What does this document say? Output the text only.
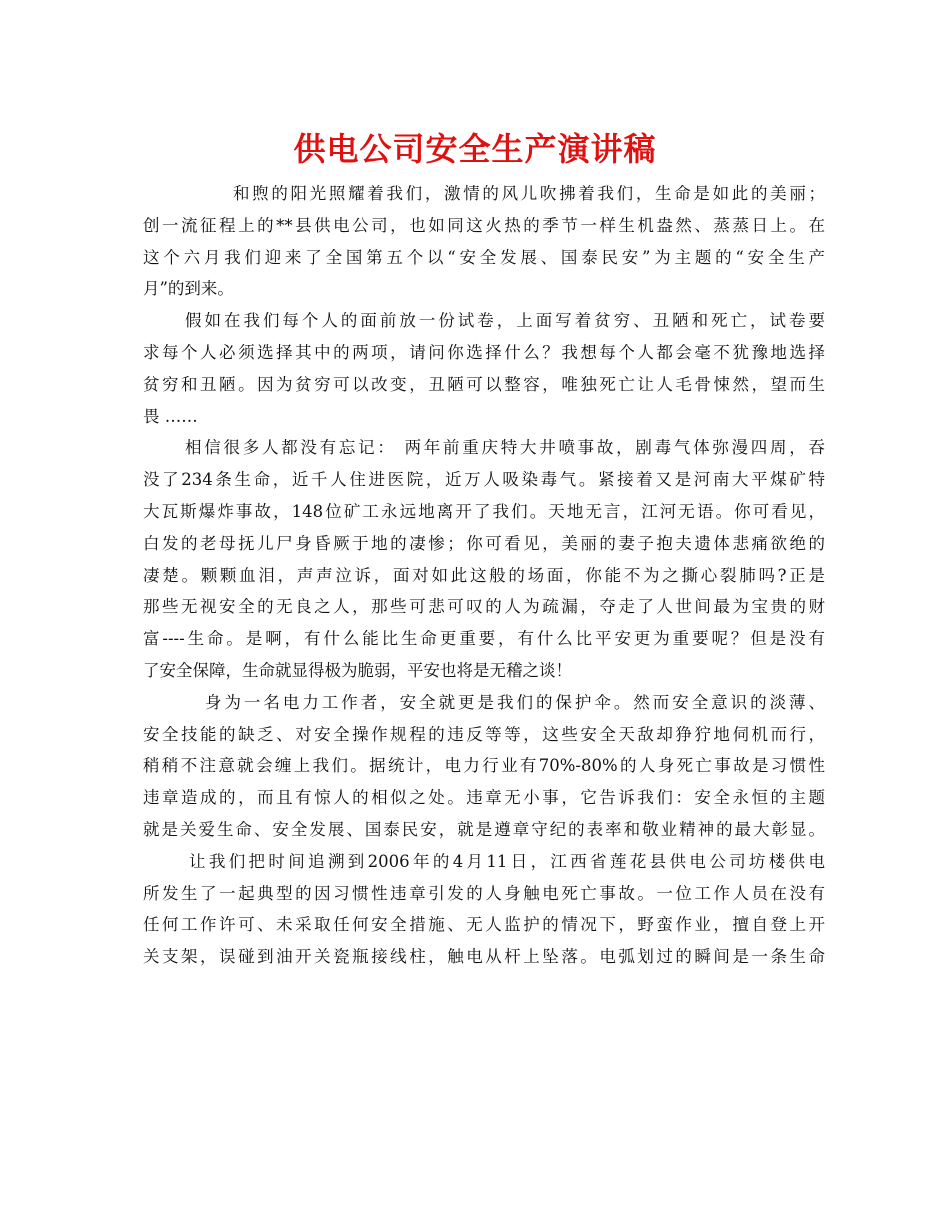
供电公司安全生产演讲稿
和煦的阳光照耀着我们，激情的风儿吹拂着我们，生命是如此的美丽；
创一流征程上的**县供电公司，也如同这火热的季节一样生机盎然、蒸蒸日上。在
这个六月我们迎来了全国第五个以“安全发展、国泰民安”为主题的“安全生产
月”的到来。
假如在我们每个人的面前放一份试卷，上面写着贫穷、丑陋和死亡，试卷要
求每个人必须选择其中的两项，请问你选择什么？我想每个人都会毫不犹豫地选择
贫穷和丑陋。因为贫穷可以改变，丑陋可以整容，唯独死亡让人毛骨悚然，望而生
畏 ……
相信很多人都没有忘记： 两年前重庆特大井喷事故，剧毒气体弥漫四周，吞
没了234条生命，近千人住进医院，近万人吸染毒气。紧接着又是河南大平煤矿特
大瓦斯爆炸事故，148位矿工永远地离开了我们。天地无言，江河无语。你可看见，
白发的老母抚儿尸身昏厥于地的凄惨；你可看见，美丽的妻子抱夫遗体悲痛欲绝的
凄楚。颗颗血泪，声声泣诉，面对如此这般的场面，你能不为之撕心裂肺吗?正是
那些无视安全的无良之人，那些可悲可叹的人为疏漏，夺走了人世间最为宝贵的财
富----生命。是啊，有什么能比生命更重要，有什么比平安更为重要呢？但是没有
了安全保障，生命就显得极为脆弱，平安也将是无稽之谈！
身为一名电力工作者，安全就更是我们的保护伞。然而安全意识的淡薄、
安全技能的缺乏、对安全操作规程的违反等等，这些安全天敌却狰狞地伺机而行，
稍稍不注意就会缠上我们。据统计，电力行业有70%-80%的人身死亡事故是习惯性
违章造成的，而且有惊人的相似之处。违章无小事，它告诉我们：安全永恒的主题
就是关爱生命、安全发展、国泰民安，就是遵章守纪的表率和敬业精神的最大彰显。
让我们把时间追溯到2006年的4月11日，江西省莲花县供电公司坊楼供电
所发生了一起典型的因习惯性违章引发的人身触电死亡事故。一位工作人员在没有
任何工作许可、未采取任何安全措施、无人监护的情况下，野蛮作业，擅自登上开
关支架，误碰到油开关瓷瓶接线柱，触电从杆上坠落。电弧划过的瞬间是一条生命
